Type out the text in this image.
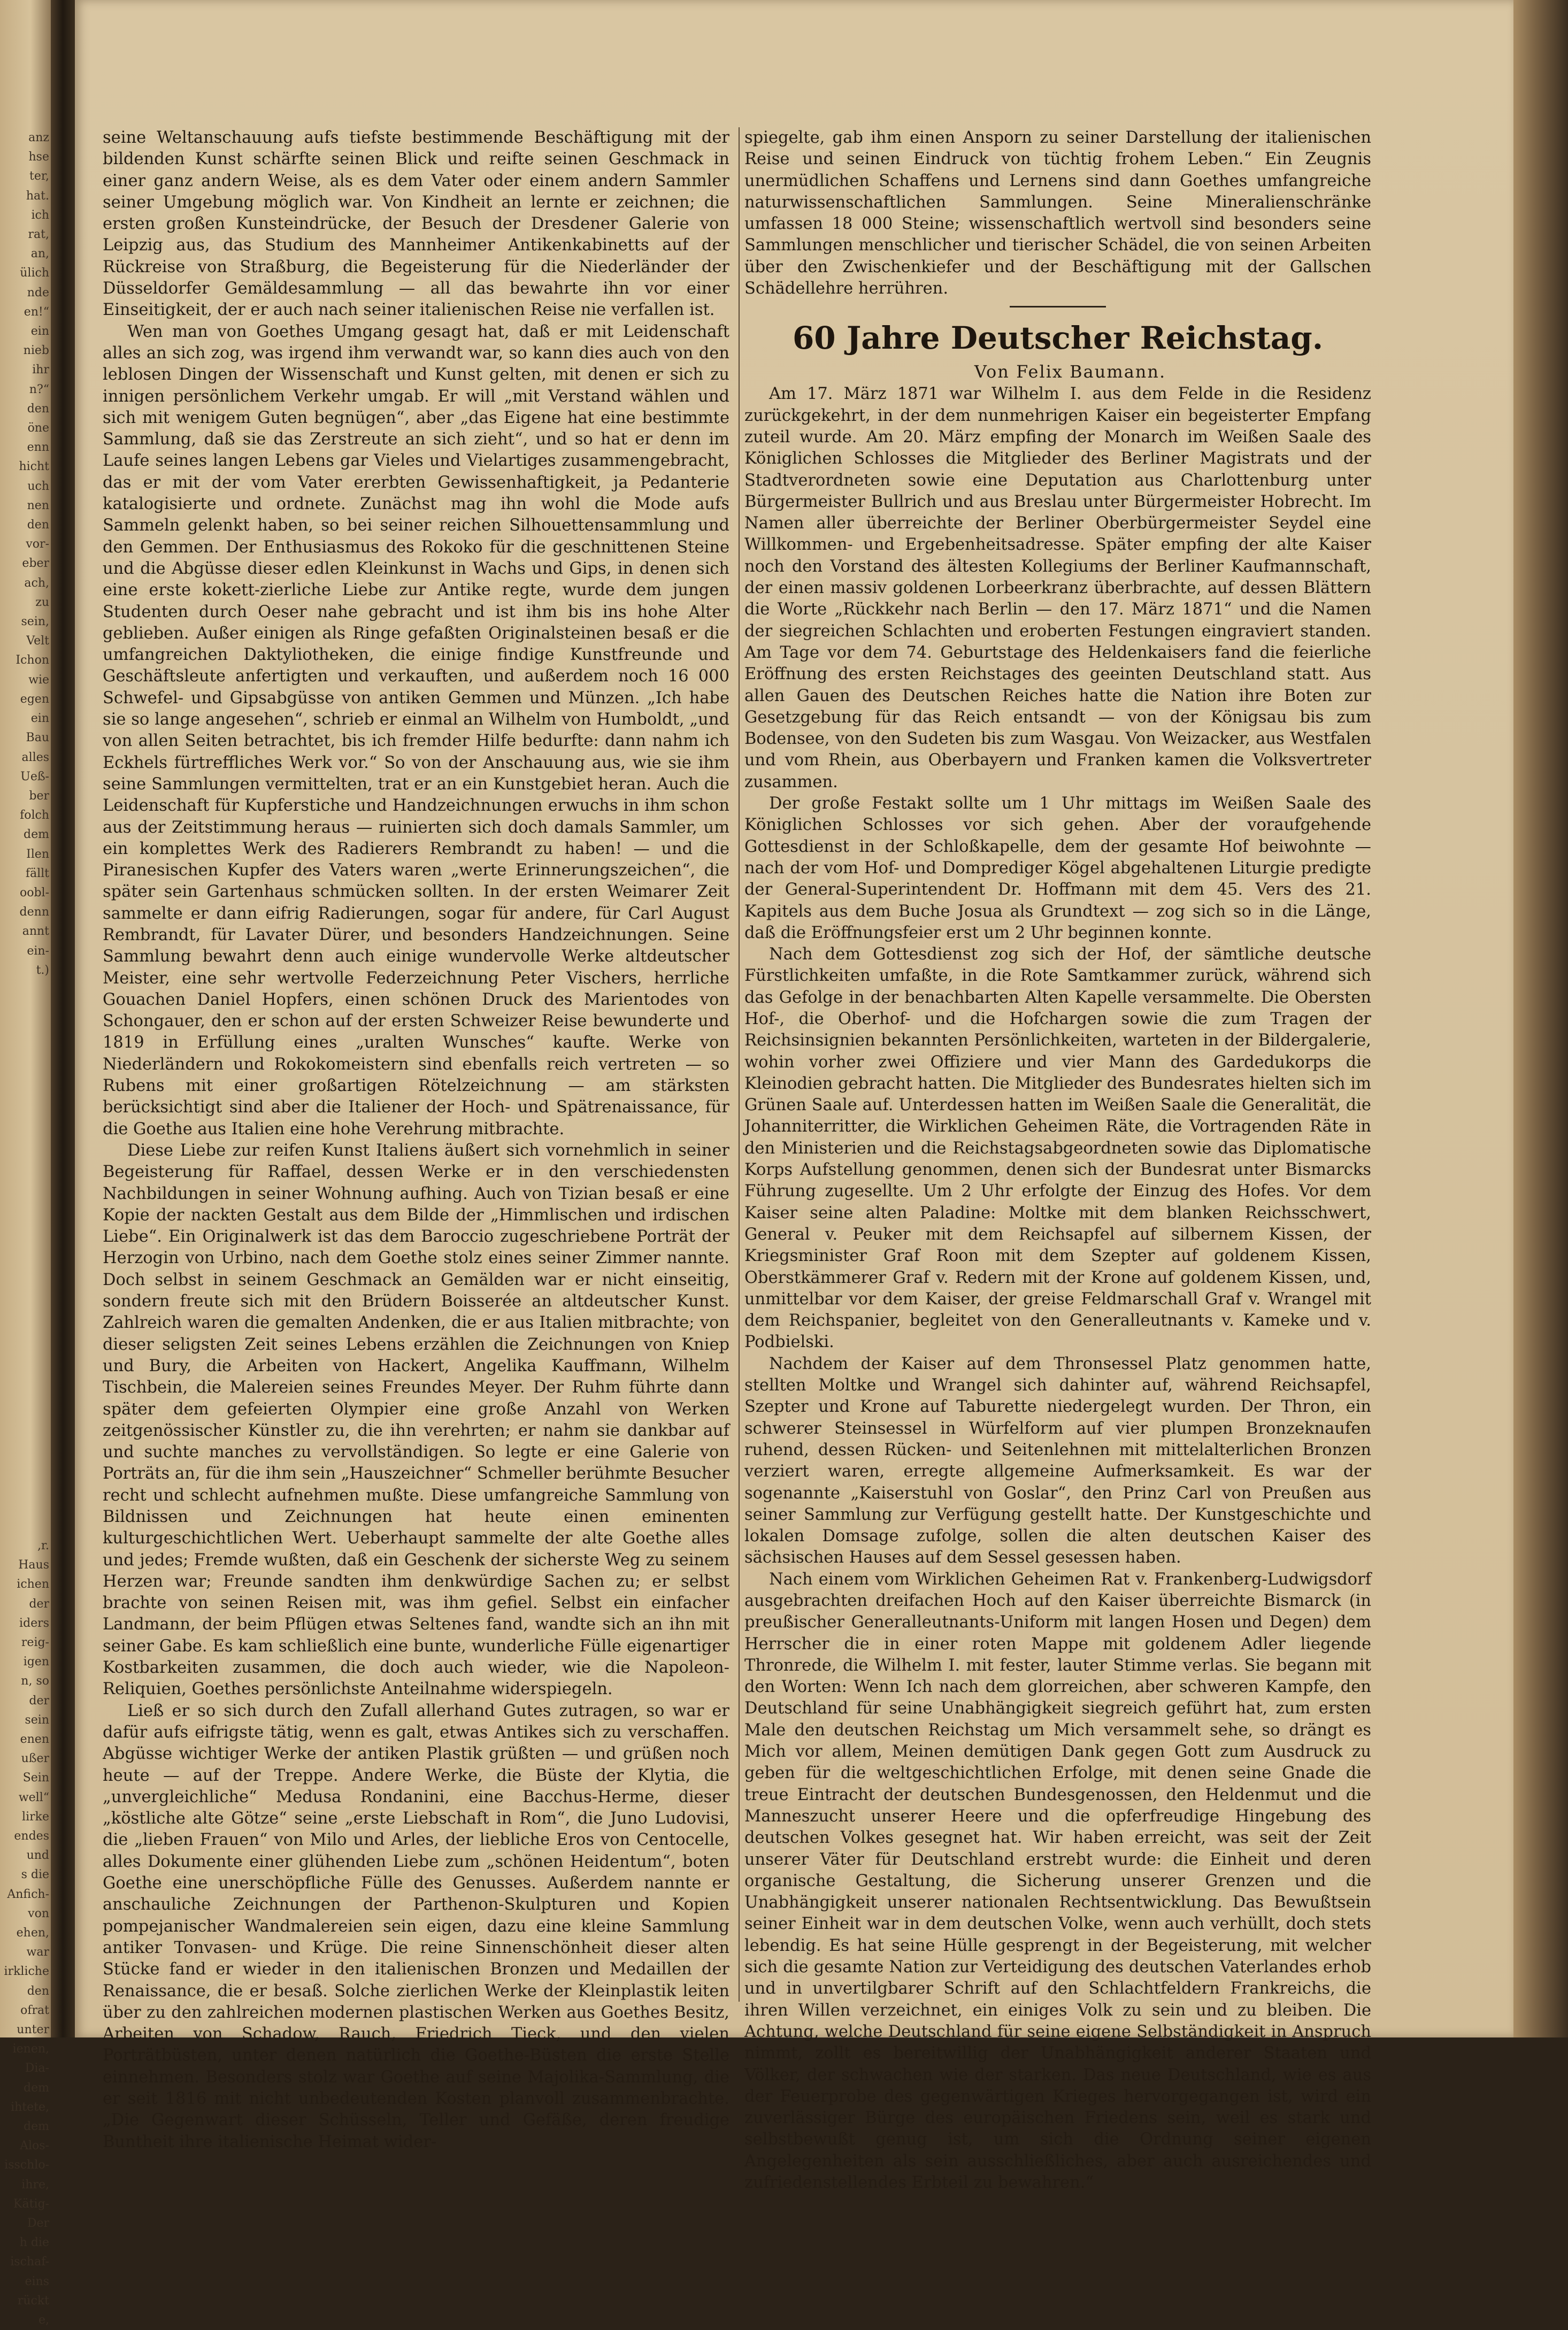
anz
hse
ter,
hat.
ich
rat,
an,
ülich
nde
en!“
ein
nieb
ihr
n?“
den
öne
enn
hicht
uch
nen
den
vor-
eber
ach,
zu
sein,
Velt
Ichon
wie
egen
ein
Bau
alles
Ueß-
ber
folch
dem
Ilen
fällt
oobl-
denn
annt
ein-
t.)
‚r.
Haus
ichen
der
iders
reig-
igen
n, so
der
sein
enen
ußer
Sein
well“
lirke
endes
und
s die
Anfich-
von
ehen,
war
irkliche
den
ofrat
unter
ienen,
Dia-
dem
ihtete,
dem
Alos-
isschlo-
ihre,
Kätig-
Der
h die
ischaf-
eins
rückt
e,

seine Weltanschauung aufs tiefste bestimmende Beschäftigung mit der bildenden Kunst schärfte seinen Blick und reifte seinen Geschmack in einer ganz andern Weise, als es dem Vater oder einem andern Sammler seiner Umgebung möglich war. Von Kindheit an lernte er zeichnen; die ersten großen Kunsteindrücke, der Besuch der Dresdener Galerie von Leipzig aus, das Studium des Mannheimer Antikenkabinetts auf der Rückreise von Straßburg, die Begeisterung für die Niederländer der Düsseldorfer Gemäldesammlung — all das bewahrte ihn vor einer Einseitigkeit, der er auch nach seiner italienischen Reise nie verfallen ist.

Wen man von Goethes Umgang gesagt hat, daß er mit Leidenschaft alles an sich zog, was irgend ihm verwandt war, so kann dies auch von den leblosen Dingen der Wissenschaft und Kunst gelten, mit denen er sich zu innigen persönlichem Verkehr umgab. Er will „mit Verstand wählen und sich mit wenigem Guten begnügen“, aber „das Eigene hat eine bestimmte Sammlung, daß sie das Zerstreute an sich zieht“, und so hat er denn im Laufe seines langen Lebens gar Vieles und Vielartiges zusammengebracht, das er mit der vom Vater ererbten Gewissenhaftigkeit, ja Pedanterie katalogisierte und ordnete. Zunächst mag ihn wohl die Mode aufs Sammeln gelenkt haben, so bei seiner reichen Silhouettensammlung und den Gemmen. Der Enthusiasmus des Rokoko für die geschnittenen Steine und die Abgüsse dieser edlen Kleinkunst in Wachs und Gips, in denen sich eine erste kokett-zierliche Liebe zur Antike regte, wurde dem jungen Studenten durch Oeser nahe gebracht und ist ihm bis ins hohe Alter geblieben. Außer einigen als Ringe gefaßten Originalsteinen besaß er die umfangreichen Daktyliotheken, die einige findige Kunstfreunde und Geschäftsleute anfertigten und verkauften, und außerdem noch 16 000 Schwefel- und Gipsabgüsse von antiken Gemmen und Münzen. „Ich habe sie so lange angesehen“, schrieb er einmal an Wilhelm von Humboldt, „und von allen Seiten betrachtet, bis ich fremder Hilfe bedurfte: dann nahm ich Eckhels fürtreffliches Werk vor.“ So von der Anschauung aus, wie sie ihm seine Sammlungen vermittelten, trat er an ein Kunstgebiet heran. Auch die Leidenschaft für Kupferstiche und Handzeichnungen erwuchs in ihm schon aus der Zeitstimmung heraus — ruinierten sich doch damals Sammler, um ein komplettes Werk des Radierers Rembrandt zu haben! — und die Piranesischen Kupfer des Vaters waren „werte Erinnerungszeichen“, die später sein Gartenhaus schmücken sollten. In der ersten Weimarer Zeit sammelte er dann eifrig Radierungen, sogar für andere, für Carl August Rembrandt, für Lavater Dürer, und besonders Handzeichnungen. Seine Sammlung bewahrt denn auch einige wundervolle Werke altdeutscher Meister, eine sehr wertvolle Federzeichnung Peter Vischers, herrliche Gouachen Daniel Hopfers, einen schönen Druck des Marientodes von Schongauer, den er schon auf der ersten Schweizer Reise bewunderte und 1819 in Erfüllung eines „uralten Wunsches“ kaufte. Werke von Niederländern und Rokokomeistern sind ebenfalls reich vertreten — so Rubens mit einer großartigen Rötelzeichnung — am stärksten berücksichtigt sind aber die Italiener der Hoch- und Spätrenaissance, für die Goethe aus Italien eine hohe Verehrung mitbrachte.

Diese Liebe zur reifen Kunst Italiens äußert sich vornehmlich in seiner Begeisterung für Raffael, dessen Werke er in den verschiedensten Nachbildungen in seiner Wohnung aufhing. Auch von Tizian besaß er eine Kopie der nackten Gestalt aus dem Bilde der „Himmlischen und irdischen Liebe“. Ein Originalwerk ist das dem Baroccio zugeschriebene Porträt der Herzogin von Urbino, nach dem Goethe stolz eines seiner Zimmer nannte. Doch selbst in seinem Geschmack an Gemälden war er nicht einseitig, sondern freute sich mit den Brüdern Boisserée an altdeutscher Kunst. Zahlreich waren die gemalten Andenken, die er aus Italien mitbrachte; von dieser seligsten Zeit seines Lebens erzählen die Zeichnungen von Kniep und Bury, die Arbeiten von Hackert, Angelika Kauffmann, Wilhelm Tischbein, die Malereien seines Freundes Meyer. Der Ruhm führte dann später dem gefeierten Olympier eine große Anzahl von Werken zeitgenössischer Künstler zu, die ihn verehrten; er nahm sie dankbar auf und suchte manches zu vervollständigen. So legte er eine Galerie von Porträts an, für die ihm sein „Hauszeichner“ Schmeller berühmte Besucher recht und schlecht aufnehmen mußte. Diese umfangreiche Sammlung von Bildnissen und Zeichnungen hat heute einen eminenten kulturgeschichtlichen Wert. Ueberhaupt sammelte der alte Goethe alles und jedes; Fremde wußten, daß ein Geschenk der sicherste Weg zu seinem Herzen war; Freunde sandten ihm denkwürdige Sachen zu; er selbst brachte von seinen Reisen mit, was ihm gefiel. Selbst ein einfacher Landmann, der beim Pflügen etwas Seltenes fand, wandte sich an ihn mit seiner Gabe. Es kam schließlich eine bunte, wunderliche Fülle eigenartiger Kostbarkeiten zusammen, die doch auch wieder, wie die Napoleon-Reliquien, Goethes persönlichste Anteilnahme widerspiegeln.

Ließ er so sich durch den Zufall allerhand Gutes zutragen, so war er dafür aufs eifrigste tätig, wenn es galt, etwas Antikes sich zu verschaffen. Abgüsse wichtiger Werke der antiken Plastik grüßten — und grüßen noch heute — auf der Treppe. Andere Werke, die Büste der Klytia, die „unvergleichliche“ Medusa Rondanini, eine Bacchus-Herme, dieser „köstliche alte Götze“ seine „erste Liebschaft in Rom“, die Juno Ludovisi, die „lieben Frauen“ von Milo und Arles, der liebliche Eros von Centocelle, alles Dokumente einer glühenden Liebe zum „schönen Heidentum“, boten Goethe eine unerschöpfliche Fülle des Genusses. Außerdem nannte er anschauliche Zeichnungen der Parthenon-Skulpturen und Kopien pompejanischer Wandmalereien sein eigen, dazu eine kleine Sammlung antiker Tonvasen- und Krüge. Die reine Sinnenschönheit dieser alten Stücke fand er wieder in den italienischen Bronzen und Medaillen der Renaissance, die er besaß. Solche zierlichen Werke der Kleinplastik leiten über zu den zahlreichen modernen plastischen Werken aus Goethes Besitz, Arbeiten von Schadow, Rauch, Friedrich Tieck, und den vielen Porträtbüsten, unter denen natürlich die Goethe-Büsten die erste Stelle einnehmen. Besonders stolz war Goethe auf seine Majolika-Sammlung, die er seit 1816 mit nicht unbedeutenden Kosten planvoll zusammenbrachte. „Die Gegenwart dieser Schüsseln, Teller und Gefäße, deren freudige Buntheit ihre italienische Heimat wider-

spiegelte, gab ihm einen Ansporn zu seiner Darstellung der italienischen Reise und seinen Eindruck von tüchtig frohem Leben.“ Ein Zeugnis unermüdlichen Schaffens und Lernens sind dann Goethes umfangreiche naturwissenschaftlichen Sammlungen. Seine Mineralienschränke umfassen 18 000 Steine; wissenschaftlich wertvoll sind besonders seine Sammlungen menschlicher und tierischer Schädel, die von seinen Arbeiten über den Zwischenkiefer und der Beschäftigung mit der Gallschen Schädellehre herrühren.

60 Jahre Deutscher Reichstag.

Von Felix Baumann.

Am 17. März 1871 war Wilhelm I. aus dem Felde in die Residenz zurückgekehrt, in der dem nunmehrigen Kaiser ein begeisterter Empfang zuteil wurde. Am 20. März empfing der Monarch im Weißen Saale des Königlichen Schlosses die Mitglieder des Berliner Magistrats und der Stadtverordneten sowie eine Deputation aus Charlottenburg unter Bürgermeister Bullrich und aus Breslau unter Bürgermeister Hobrecht. Im Namen aller überreichte der Berliner Oberbürgermeister Seydel eine Willkommen- und Ergebenheitsadresse. Später empfing der alte Kaiser noch den Vorstand des ältesten Kollegiums der Berliner Kaufmannschaft, der einen massiv goldenen Lorbeerkranz überbrachte, auf dessen Blättern die Worte „Rückkehr nach Berlin — den 17. März 1871“ und die Namen der siegreichen Schlachten und eroberten Festungen eingraviert standen. Am Tage vor dem 74. Geburtstage des Heldenkaisers fand die feierliche Eröffnung des ersten Reichstages des geeinten Deutschland statt. Aus allen Gauen des Deutschen Reiches hatte die Nation ihre Boten zur Gesetzgebung für das Reich entsandt — von der Königsau bis zum Bodensee, von den Sudeten bis zum Wasgau. Von Weizacker, aus Westfalen und vom Rhein, aus Oberbayern und Franken kamen die Volksvertreter zusammen.

Der große Festakt sollte um 1 Uhr mittags im Weißen Saale des Königlichen Schlosses vor sich gehen. Aber der voraufgehende Gottesdienst in der Schloßkapelle, dem der gesamte Hof beiwohnte — nach der vom Hof- und Domprediger Kögel abgehaltenen Liturgie predigte der General-Superintendent Dr. Hoffmann mit dem 45. Vers des 21. Kapitels aus dem Buche Josua als Grundtext — zog sich so in die Länge, daß die Eröffnungsfeier erst um 2 Uhr beginnen konnte.

Nach dem Gottesdienst zog sich der Hof, der sämtliche deutsche Fürstlichkeiten umfaßte, in die Rote Samtkammer zurück, während sich das Gefolge in der benachbarten Alten Kapelle versammelte. Die Obersten Hof-, die Oberhof- und die Hofchargen sowie die zum Tragen der Reichsinsignien bekannten Persönlichkeiten, warteten in der Bildergalerie, wohin vorher zwei Offiziere und vier Mann des Gardedukorps die Kleinodien gebracht hatten. Die Mitglieder des Bundesrates hielten sich im Grünen Saale auf. Unterdessen hatten im Weißen Saale die Generalität, die Johanniterritter, die Wirklichen Geheimen Räte, die Vortragenden Räte in den Ministerien und die Reichstagsabgeordneten sowie das Diplomatische Korps Aufstellung genommen, denen sich der Bundesrat unter Bismarcks Führung zugesellte. Um 2 Uhr erfolgte der Einzug des Hofes. Vor dem Kaiser seine alten Paladine: Moltke mit dem blanken Reichsschwert, General v. Peuker mit dem Reichsapfel auf silbernem Kissen, der Kriegsminister Graf Roon mit dem Szepter auf goldenem Kissen, Oberstkämmerer Graf v. Redern mit der Krone auf goldenem Kissen, und, unmittelbar vor dem Kaiser, der greise Feldmarschall Graf v. Wrangel mit dem Reichspanier, begleitet von den Generalleutnants v. Kameke und v. Podbielski.

Nachdem der Kaiser auf dem Thronsessel Platz genommen hatte, stellten Moltke und Wrangel sich dahinter auf, während Reichsapfel, Szepter und Krone auf Taburette niedergelegt wurden. Der Thron, ein schwerer Steinsessel in Würfelform auf vier plumpen Bronzeknaufen ruhend, dessen Rücken- und Seitenlehnen mit mittelalterlichen Bronzen verziert waren, erregte allgemeine Aufmerksamkeit. Es war der sogenannte „Kaiserstuhl von Goslar“, den Prinz Carl von Preußen aus seiner Sammlung zur Verfügung gestellt hatte. Der Kunstgeschichte und lokalen Domsage zufolge, sollen die alten deutschen Kaiser des sächsischen Hauses auf dem Sessel gesessen haben.

Nach einem vom Wirklichen Geheimen Rat v. Frankenberg-Ludwigsdorf ausgebrachten dreifachen Hoch auf den Kaiser überreichte Bismarck (in preußischer Generalleutnants-Uniform mit langen Hosen und Degen) dem Herrscher die in einer roten Mappe mit goldenem Adler liegende Thronrede, die Wilhelm I. mit fester, lauter Stimme verlas. Sie begann mit den Worten: Wenn Ich nach dem glorreichen, aber schweren Kampfe, den Deutschland für seine Unabhängigkeit siegreich geführt hat, zum ersten Male den deutschen Reichstag um Mich versammelt sehe, so drängt es Mich vor allem, Meinen demütigen Dank gegen Gott zum Ausdruck zu geben für die weltgeschichtlichen Erfolge, mit denen seine Gnade die treue Eintracht der deutschen Bundesgenossen, den Heldenmut und die Manneszucht unserer Heere und die opferfreudige Hingebung des deutschen Volkes gesegnet hat. Wir haben erreicht, was seit der Zeit unserer Väter für Deutschland erstrebt wurde: die Einheit und deren organische Gestaltung, die Sicherung unserer Grenzen und die Unabhängigkeit unserer nationalen Rechtsentwicklung. Das Bewußtsein seiner Einheit war in dem deutschen Volke, wenn auch verhüllt, doch stets lebendig. Es hat seine Hülle gesprengt in der Begeisterung, mit welcher sich die gesamte Nation zur Verteidigung des deutschen Vaterlandes erhob und in unvertilgbarer Schrift auf den Schlachtfeldern Frankreichs, die ihren Willen verzeichnet, ein einiges Volk zu sein und zu bleiben. Die Achtung, welche Deutschland für seine eigene Selbständigkeit in Anspruch nimmt, zollt es bereitwillig der Unabhängigkeit anderer Staaten und Völker, der schwachen wie der starken. Das neue Deutschland, wie es aus der Feuerprobe des gegenwärtigen Krieges hervorgegangen ist, wird ein zuverlässiger Bürge des europäischen Friedens sein, weil es stark und selbstbewußt genug ist, um sich die Ordnung seiner eigenen Angelegenheiten als sein ausschließliches, aber auch ausreichendes und zufriedenstellendes Erbteil zu bewahren.“
